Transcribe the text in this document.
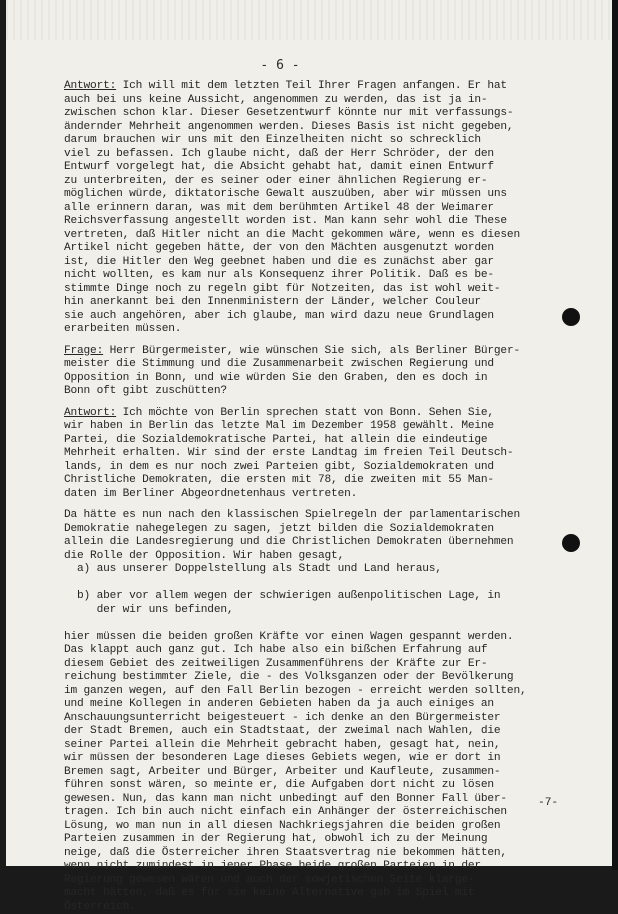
- 6 -
Antwort: Ich will mit dem letzten Teil Ihrer Fragen anfangen. Er hat
auch bei uns keine Aussicht, angenommen zu werden, das ist ja in-
zwischen schon klar. Dieser Gesetzentwurf könnte nur mit verfassungs-
ändernder Mehrheit angenommen werden. Dieses Basis ist nicht gegeben,
darum brauchen wir uns mit den Einzelheiten nicht so schrecklich
viel zu befassen. Ich glaube nicht, daß der Herr Schröder, der den
Entwurf vorgelegt hat, die Absicht gehabt hat, damit einen Entwurf
zu unterbreiten, der es seiner oder einer ähnlichen Regierung er-
möglichen würde, diktatorische Gewalt auszuüben, aber wir müssen uns
alle erinnern daran, was mit dem berühmten Artikel 48 der Weimarer
Reichsverfassung angestellt worden ist. Man kann sehr wohl die These
vertreten, daß Hitler nicht an die Macht gekommen wäre, wenn es diesen
Artikel nicht gegeben hätte, der von den Mächten ausgenutzt worden
ist, die Hitler den Weg geebnet haben und die es zunächst aber gar
nicht wollten, es kam nur als Konsequenz ihrer Politik. Daß es be-
stimmte Dinge noch zu regeln gibt für Notzeiten, das ist wohl weit-
hin anerkannt bei den Innenministern der Länder, welcher Couleur
sie auch angehören, aber ich glaube, man wird dazu neue Grundlagen
erarbeiten müssen.
Frage: Herr Bürgermeister, wie wünschen Sie sich, als Berliner Bürger-
meister die Stimmung und die Zusammenarbeit zwischen Regierung und
Opposition in Bonn, und wie würden Sie den Graben, den es doch in
Bonn oft gibt zuschütten?
Antwort: Ich möchte von Berlin sprechen statt von Bonn. Sehen Sie,
wir haben in Berlin das letzte Mal im Dezember 1958 gewählt. Meine
Partei, die Sozialdemokratische Partei, hat allein die eindeutige
Mehrheit erhalten. Wir sind der erste Landtag im freien Teil Deutsch-
lands, in dem es nur noch zwei Parteien gibt, Sozialdemokraten und
Christliche Demokraten, die ersten mit 78, die zweiten mit 55 Man-
daten im Berliner Abgeordnetenhaus vertreten.
Da hätte es nun nach den klassischen Spielregeln der parlamentarischen
Demokratie nahegelegen zu sagen, jetzt bilden die Sozialdemokraten
allein die Landesregierung und die Christlichen Demokraten übernehmen
die Rolle der Opposition. Wir haben gesagt,
a) aus unserer Doppelstellung als Stadt und Land heraus,
b) aber vor allem wegen der schwierigen außenpolitischen Lage, in
der wir uns befinden,
hier müssen die beiden großen Kräfte vor einen Wagen gespannt werden.
Das klappt auch ganz gut. Ich habe also ein bißchen Erfahrung auf
diesem Gebiet des zeitweiligen Zusammenführens der Kräfte zur Er-
reichung bestimmter Ziele, die - des Volksganzen oder der Bevölkerung
im ganzen wegen, auf den Fall Berlin bezogen - erreicht werden sollten,
und meine Kollegen in anderen Gebieten haben da ja auch einiges an
Anschauungsunterricht beigesteuert - ich denke an den Bürgermeister
der Stadt Bremen, auch ein Stadtstaat, der zweimal nach Wahlen, die
seiner Partei allein die Mehrheit gebracht haben, gesagt hat, nein,
wir müssen der besonderen Lage dieses Gebiets wegen, wie er dort in
Bremen sagt, Arbeiter und Bürger, Arbeiter und Kaufleute, zusammen-
führen sonst wären, so meinte er, die Aufgaben dort nicht zu lösen
gewesen. Nun, das kann man nicht unbedingt auf den Bonner Fall über-
tragen. Ich bin auch nicht einfach ein Anhänger der österreichischen
Lösung, wo man nun in all diesen Nachkriegsjahren die beiden großen
Parteien zusammen in der Regierung hat, obwohl ich zu der Meinung
neige, daß die Österreicher ihren Staatsvertrag nie bekommen hätten,
wenn nicht zumindest in jener Phase beide großen Parteien in der
Regierung gewesen wären und auch der sowjetischen Seite klarge-
macht hätten, daß es für sie keine Alternative gab im Spiel mit
Österreich.
-7-
